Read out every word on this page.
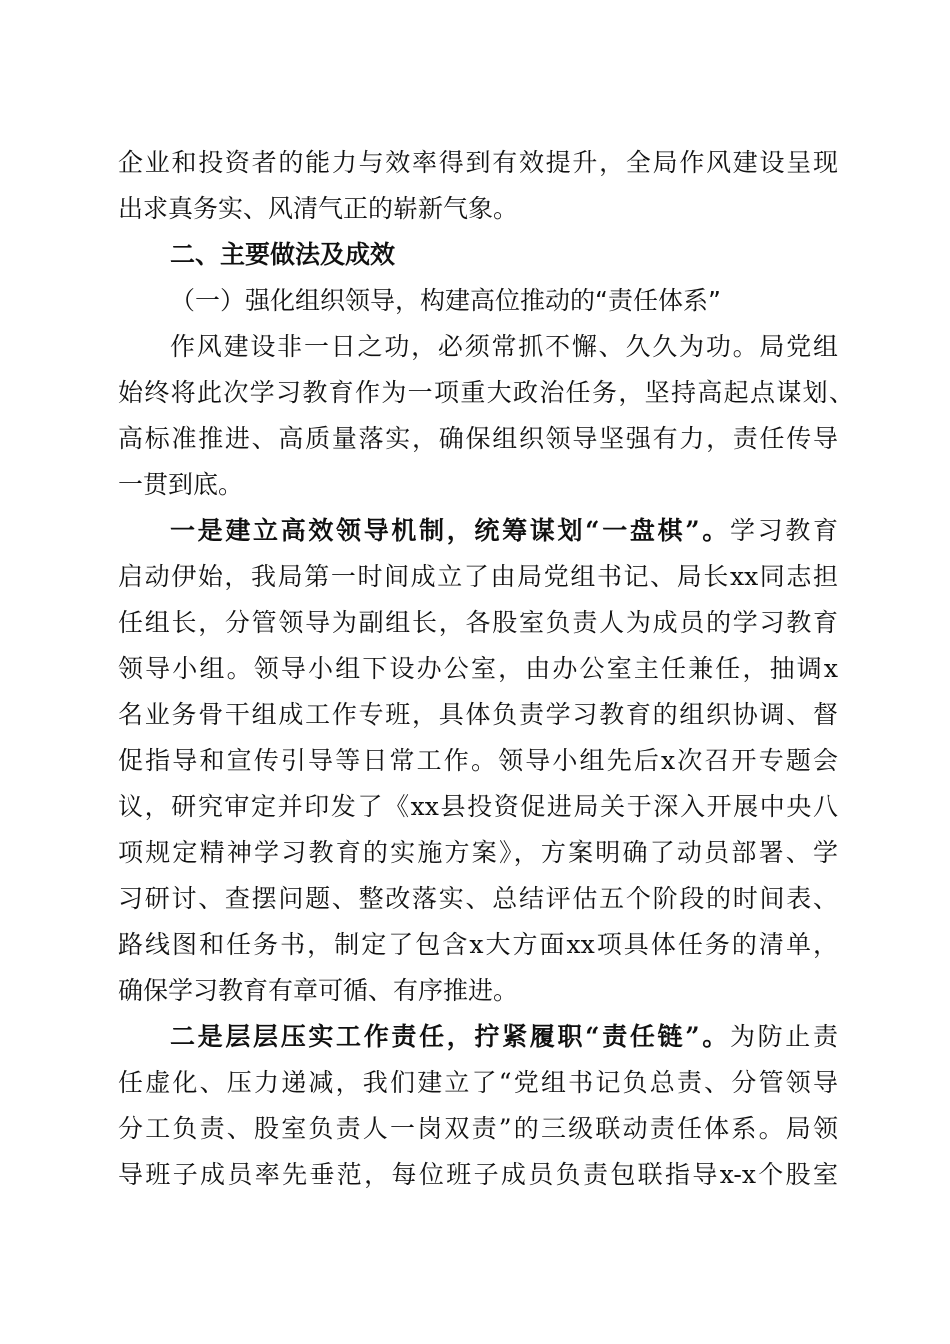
企业和投资者的能力与效率得到有效提升，全局作风建设呈现
出求真务实、风清气正的崭新气象。
二、主要做法及成效
（一）强化组织领导，构建高位推动的“责任体系”
作风建设非一日之功，必须常抓不懈、久久为功。局党组
始终将此次学习教育作为一项重大政治任务，坚持高起点谋划、
高标准推进、高质量落实，确保组织领导坚强有力，责任传导
一贯到底。
一是建立高效领导机制，统筹谋划“一盘棋”。学习教育
启动伊始，我局第一时间成立了由局党组书记、局长xx同志担
任组长，分管领导为副组长，各股室负责人为成员的学习教育
领导小组。领导小组下设办公室，由办公室主任兼任，抽调x
名业务骨干组成工作专班，具体负责学习教育的组织协调、督
促指导和宣传引导等日常工作。领导小组先后x次召开专题会
议，研究审定并印发了《xx县投资促进局关于深入开展中央八
项规定精神学习教育的实施方案》，方案明确了动员部署、学
习研讨、查摆问题、整改落实、总结评估五个阶段的时间表、
路线图和任务书，制定了包含x大方面xx项具体任务的清单，
确保学习教育有章可循、有序推进。
二是层层压实工作责任，拧紧履职“责任链”。为防止责
任虚化、压力递减，我们建立了“党组书记负总责、分管领导
分工负责、股室负责人一岗双责”的三级联动责任体系。局领
导班子成员率先垂范，每位班子成员负责包联指导x-x个股室
